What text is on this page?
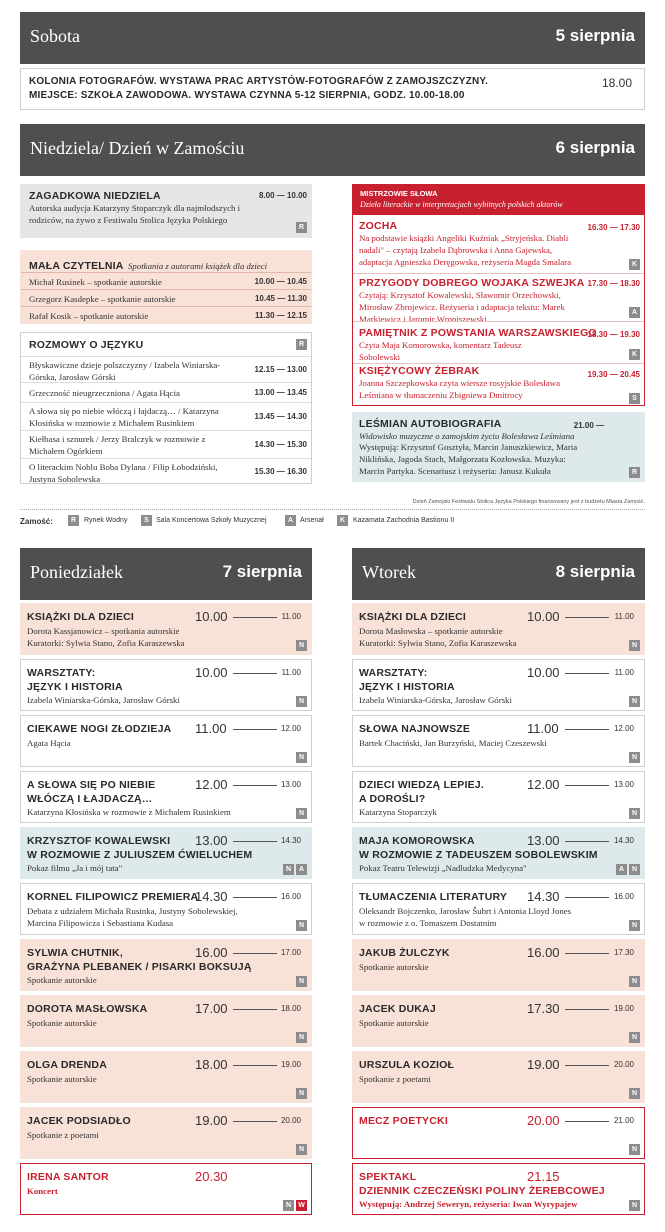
Sobota	5 sierpnia
KOLONIA FOTOGRAFÓW. WYSTAWA PRAC ARTYSTÓW-FOTOGRAFÓW Z ZAMOJSZCZYZNY.
MIEJSCE: SZKOŁA ZAWODOWA. WYSTAWA CZYNNA 5-12 SIERPNIA, GODZ. 10.00-18.00
18.00
Niedziela/ Dzień w Zamościu	6 sierpnia
ZAGADKOWA NIEDZIELA	8.00 — 10.00
Autorska audycja Katarzyny Stoparczyk dla najmłodszych i rodziców, na żywo z Festiwalu Stolica Języka Polskiego
R
MAŁA CZYTELNIA Spotkania z autorami książek dla dzieci
Michał Rusinek – spotkanie autorskie	10.00 — 10.45
Grzegorz Kasdepke – spotkanie autorskie	10.45 — 11.30
Rafał Kosik – spotkanie autorskie	11.30 — 12.15
ROZMOWY O JĘZYKU	R
Błyskawiczne dzieje polszczyzny / Izabela Winiarska-Górska, Jarosław Górski
12.15 — 13.00
Grzeczność nieugrzeczniona / Agata Hącia	13.00 — 13.45
A słowa się po niebie włóczą i łajdaczą… / Katarzyna Kłosińska w rozmowie z Michałem Rusinkiem
13.45 — 14.30
Kiełbasa i sznurek / Jerzy Bralczyk w rozmowie z Michałem Ogórkiem
14.30 — 15.30
O literackim Noblu Boba Dylana / Filip Łobodziński, Justyna Sobolewska
15.30 — 16.30
MISTRZOWIE SŁOWA
Dzieła literackie w interpretacjach wybitnych polskich aktorów
ZOCHA	16.30 — 17.30
Na podstawie książki Angeliki Kuźniak „Stryjeńska. Diabli nadali" – czytają Izabela Dąbrowska i Anna Gajewska, adaptacja Agnieszka Deręgowska, reżyseria Magda Smalara	K
PRZYGODY DOBREGO WOJAKA SZWEJKA 17.30 — 18.30
Czytają: Krzysztof Kowalewski, Sławomir Orzechowski, Mirosław Zbrojewicz. Reżyseria i adaptacja tekstu: Marek Markiewicz i Jaromir Wroniszewski
A
PAMIĘTNIK Z POWSTANIA WARSZAWSKIEGO
18.30 — 19.30
Czyta Maja Komorowska, komentarz Tadeusz Sobolewski	K
KSIĘŻYCOWY ŻEBRAK	19.30 — 20.45
Joanna Szczepkowska czyta wiersze rosyjskie Bolesława Leśmiana w tłumaczeniu Zbigniewa Dmitrocy	S
LEŚMIAN AUTOBIOGRAFIA	21.00 —
Widowisko muzyczne o zamojskim życiu Bolesława Leśmiana
Występują: Krzysztof Gosztyła, Marcin Januszkiewicz, Maria Niklińska, Jagoda Stach, Małgorzata Kozłowska. Muzyka: Marcin Partyka. Scenariusz i reżyseria: Janusz Kukuła	R
Dzień Zamojski Festiwalu Stolica Języka Polskiego finansowany jest z budżetu Miasta Zamość.
Zamość:	R	Rynek Wodny	S	Sala Koncertowa Szkoły Muzycznej	A Arsenał	K	Kazamata Zachodnia Bastionu II
Poniedziałek	7 sierpnia	Wtorek	8 sierpnia
KSIĄŻKI DLA DZIECI	10.00	11.00
Dorota Kassjanowicz – spotkania autorskie
Kuratorki: Sylwia Stano, Zofia Karaszewska	N
WARSZTATY:
JĘZYK I HISTORIA
10.00	11.00
Izabela Winiarska-Górska, Jarosław Górski	N
CIEKAWE NOGI ZŁODZIEJA 11.00	12.00
Agata Hącia
N
A SŁOWA SIĘ PO NIEBIE
WŁÓCZĄ I ŁAJDACZĄ…
12.00	13.00
Katarzyna Kłosińska w rozmowie z Michałem Rusinkiem	N
KRZYSZTOF KOWALEWSKI
W ROZMOWIE Z JULIUSZEM ĆWIELUCHEM
13.00	14.30
Pokaz filmu „Ja i mój tata"	N	A
KORNEL FILIPOWICZ PREMIERA
14.30	16.00
Debata z udziałem Michała Rusinka, Justyny Sobolewskiej,
Marcina Filipowicza i Sebastiana Kudasa	N
SYLWIA CHUTNIK,
GRAŻYNA PLEBANEK / PISARKI BOKSUJĄ
16.00	17.00
Spotkanie autorskie	N
DOROTA MASŁOWSKA	17.00	18.00
Spotkanie autorskie
N
OLGA DRENDA	18.00	19.00
Spotkanie autorskie
N
JACEK PODSIADŁO	19.00	20.00
Spotkanie z poetami
N
IRENA SANTOR	20.30
Koncert
N	W
KSIĄŻKI DLA DZIECI	10.00	11.00
Dorota Masłowska – spotkanie autorskie
Kuratorki: Sylwia Stano, Zofia Karaszewska	N
WARSZTATY:
JĘZYK I HISTORIA
10.00	11.00
Izabela Winiarska-Górska, Jarosław Górski	N
SŁOWA NAJNOWSZE	11.00	12.00
Bartek Chaciński, Jan Burzyński, Maciej Czeszewski
N
DZIECI WIEDZĄ LEPIEJ.
A DOROŚLI?
12.00	13.00
Katarzyna Stoparczyk	N
MAJA KOMOROWSKA
W ROZMOWIE Z TADEUSZEM SOBOLEWSKIM
13.00	14.30
Pokaz Teatru Telewizji „Nadludzka Medycyna"	A	N
TŁUMACZENIA LITERATURY 14.30	16.00
Oleksandr Bojczenko, Jarosław Šubrt i Antonia Lloyd Jones
w rozmowie z o. Tomaszem Dostatnim	N
JAKUB ŻULCZYK	16.00	17.30
Spotkanie autorskie
N
JACEK DUKAJ	17.30	19.00
Spotkanie autorskie
N
URSZULA KOZIOŁ	19.00	20.00
Spotkanie z poetami
N
MECZ POETYCKI	20.00	21.00
N
SPEKTAKL
DZIENNIK CZECZEŃSKI POLINY ŻEREBCOWEJ
21.15
Występują: Andrzej Seweryn, reżyseria: Iwan Wyrypajew	N
